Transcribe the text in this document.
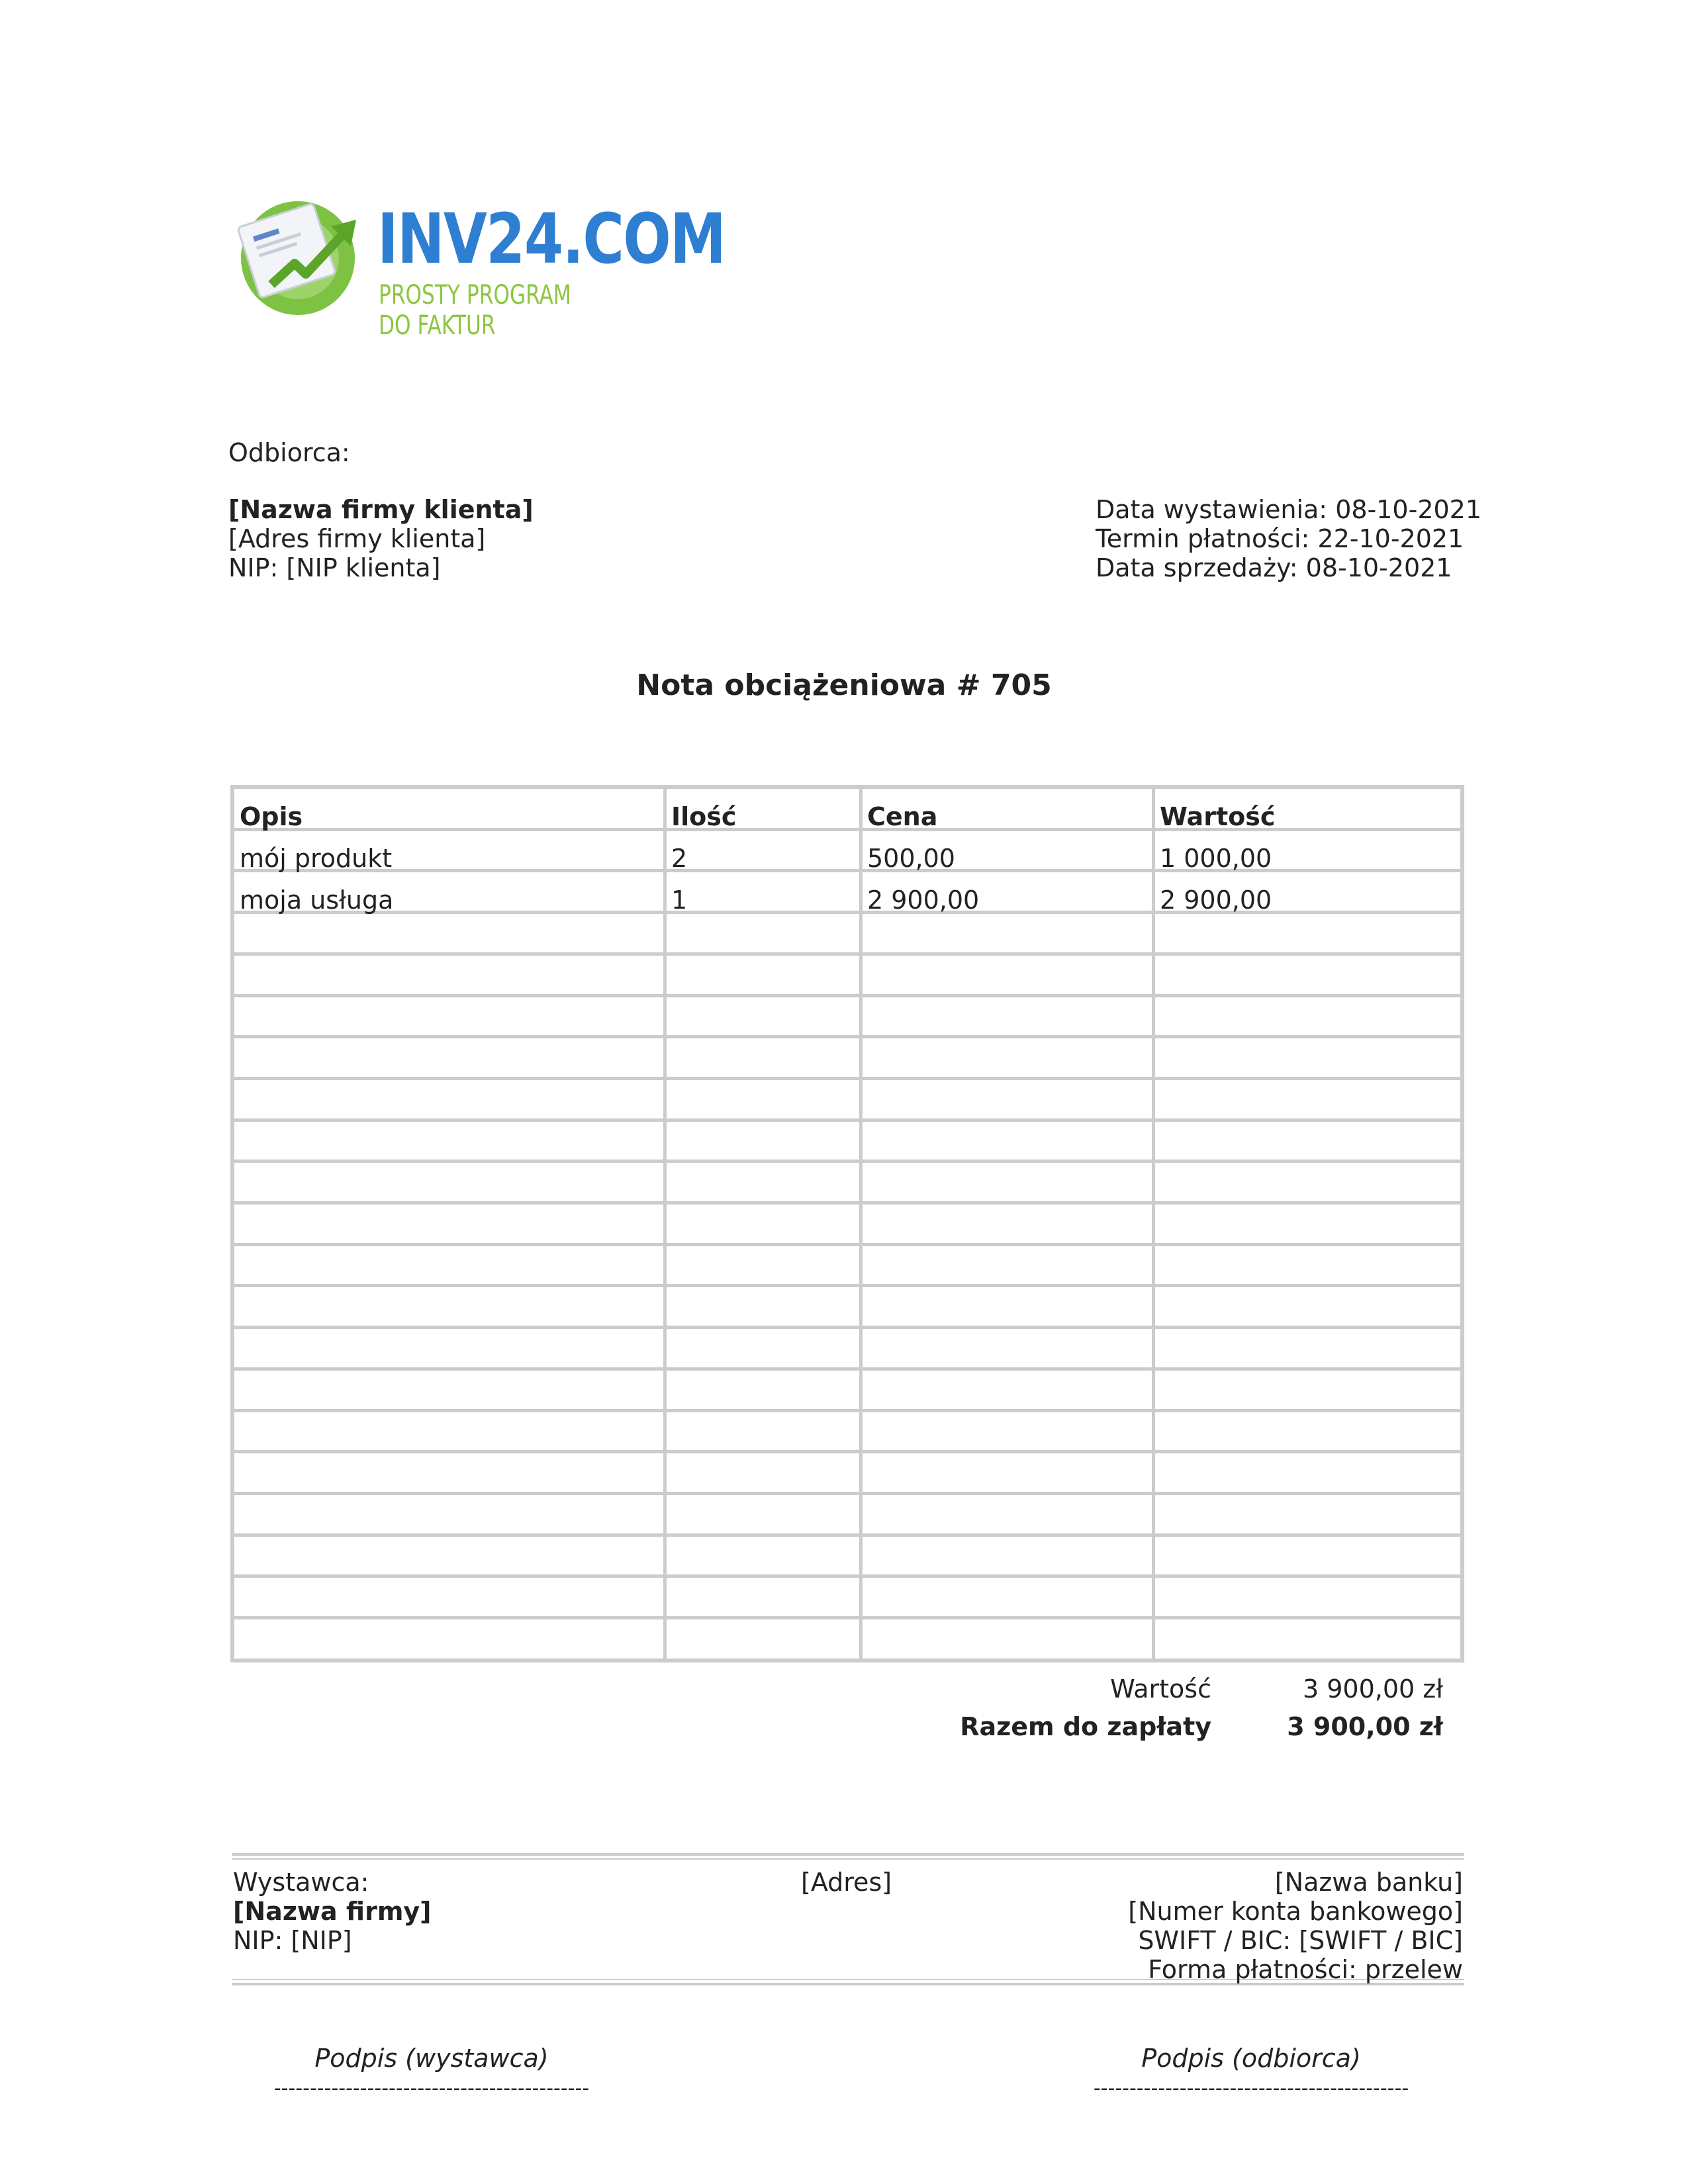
INV24.COM
PROSTY PROGRAM DO FAKTUR
Odbiorca:
[Nazwa firmy klienta]
[Adres firmy klienta]
NIP: [NIP klienta]
Data wystawienia: 08-10-2021
Termin płatności: 22-10-2021
Data sprzedaży: 08-10-2021
Nota obciążeniowa # 705
Opis	Ilość	Cena	Wartość
mój produkt	2	500,00	1 000,00
moja usługa	1	2 900,00	2 900,00
Wartość	3 900,00 zł
Razem do zapłaty	3 900,00 zł
Wystawca:
[Nazwa firmy]
NIP: [NIP]
[Adres]	[Nazwa banku]
[Numer konta bankowego]
SWIFT / BIC: [SWIFT / BIC]
Forma płatności: przelew
Podpis (wystawca)
--------------------------------------------
Podpis (odbiorca)
--------------------------------------------
